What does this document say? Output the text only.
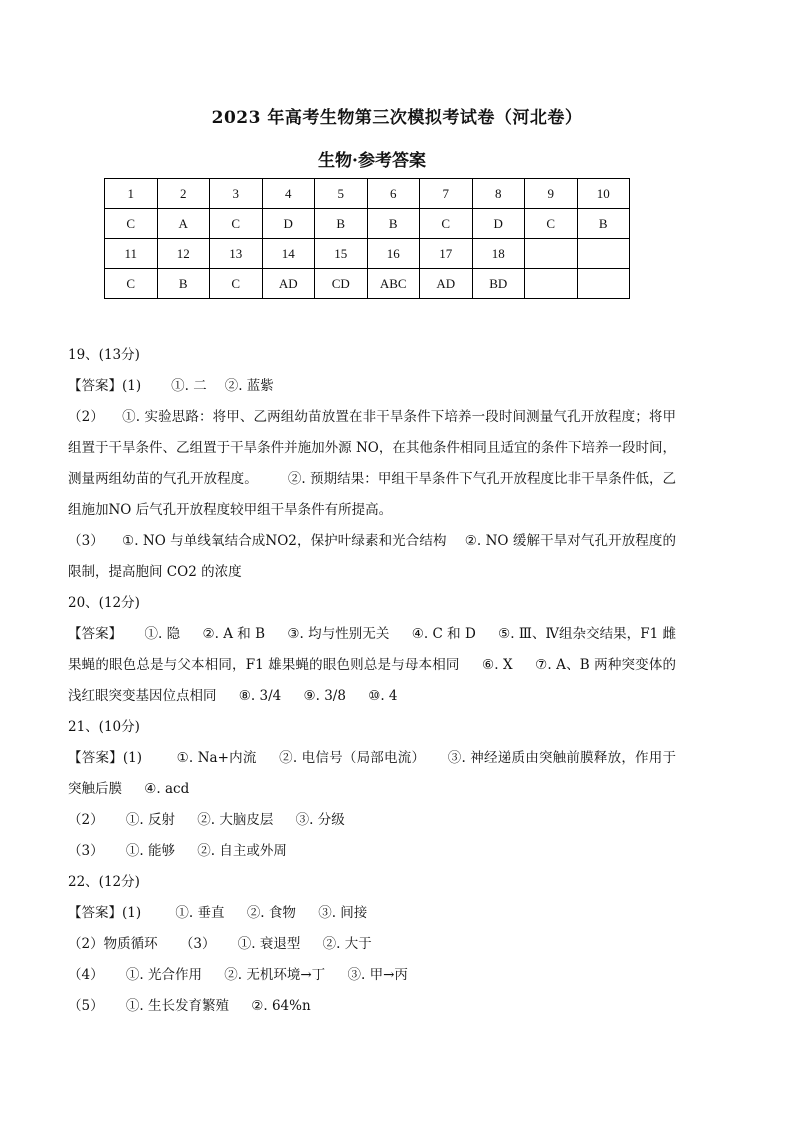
2023 年高考生物第三次模拟考试卷（河北卷）
生物·参考答案
1	2	3	4	5	6	7	8	9	10
C	A	C	D	B	B	C	D	C	B
11	12	13	14	15	16	17	18		
C	B	C	AD	CD	ABC	AD	BD		
19、(13分)
【答案】(1) ①. 二 ②. 蓝紫
（2） ①. 实验思路：将甲、乙两组幼苗放置在非干旱条件下培养一段时间测量气孔开放程度；将甲组置于干旱条件、乙组置于干旱条件并施加外源 NO，在其他条件相同且适宜的条件下培养一段时间，测量两组幼苗的气孔开放程度。 ②. 预期结果：甲组干旱条件下气孔开放程度比非干旱条件低，乙组施加NO 后气孔开放程度较甲组干旱条件有所提高。
（3） ①. NO 与单线氧结合成NO2，保护叶绿素和光合结构 ②. NO 缓解干旱对气孔开放程度的限制，提高胞间 CO2 的浓度
20、(12分)
【答案】 ①. 隐 ②. A 和 B ③. 均与性别无关 ④. C 和 D ⑤. Ⅲ、Ⅳ组杂交结果，F1 雌果蝇的眼色总是与父本相同，F1 雄果蝇的眼色则总是与母本相同 ⑥. X ⑦. A、B 两种突变体的浅红眼突变基因位点相同 ⑧. 3/4 ⑨. 3/8 ⑩. 4
21、(10分)
【答案】(1)	①. Na+内流 ②. 电信号（局部电流） ③. 神经递质由突触前膜释放，作用于突触后膜 ④. acd
（2） ①. 反射 ②. 大脑皮层 ③. 分级
（3） ①. 能够 ②. 自主或外周
22、(12分)
【答案】(1)	①. 垂直 ②. 食物 ③. 间接
（2）物质循环 （3） ①. 衰退型 ②. 大于
（4） ①. 光合作用 ②. 无机环境→丁 ③. 甲→丙
（5） ①. 生长发育繁殖 ②. 64%n
